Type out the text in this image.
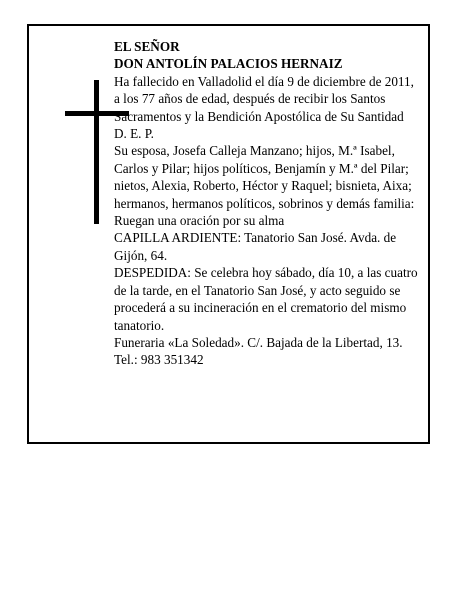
EL SEÑOR

DON ANTOLÍN PALACIOS HERNAIZ

Ha fallecido en Valladolid el día 9 de diciembre de 2011, a los 77 años de edad, después de recibir los Santos Sacramentos y la Bendición Apostólica de Su Santidad

D. E. P.

Su esposa, Josefa Calleja Manzano; hijos, M.ª Isabel, Carlos y Pilar; hijos políticos, Benjamín y M.ª del Pilar; nietos, Alexia, Roberto, Héctor y Raquel; bisnieta, Aixa; hermanos, hermanos políticos, sobrinos y demás familia:

Ruegan una oración por su alma

CAPILLA ARDIENTE: Tanatorio San José. Avda. de Gijón, 64.

DESPEDIDA: Se celebra hoy sábado, día 10, a las cuatro de la tarde, en el Tanatorio San José, y acto seguido se procederá a su incineración en el crematorio del mismo tanatorio.

Funeraria «La Soledad». C/. Bajada de la Libertad, 13.

Tel.: 983 351342
